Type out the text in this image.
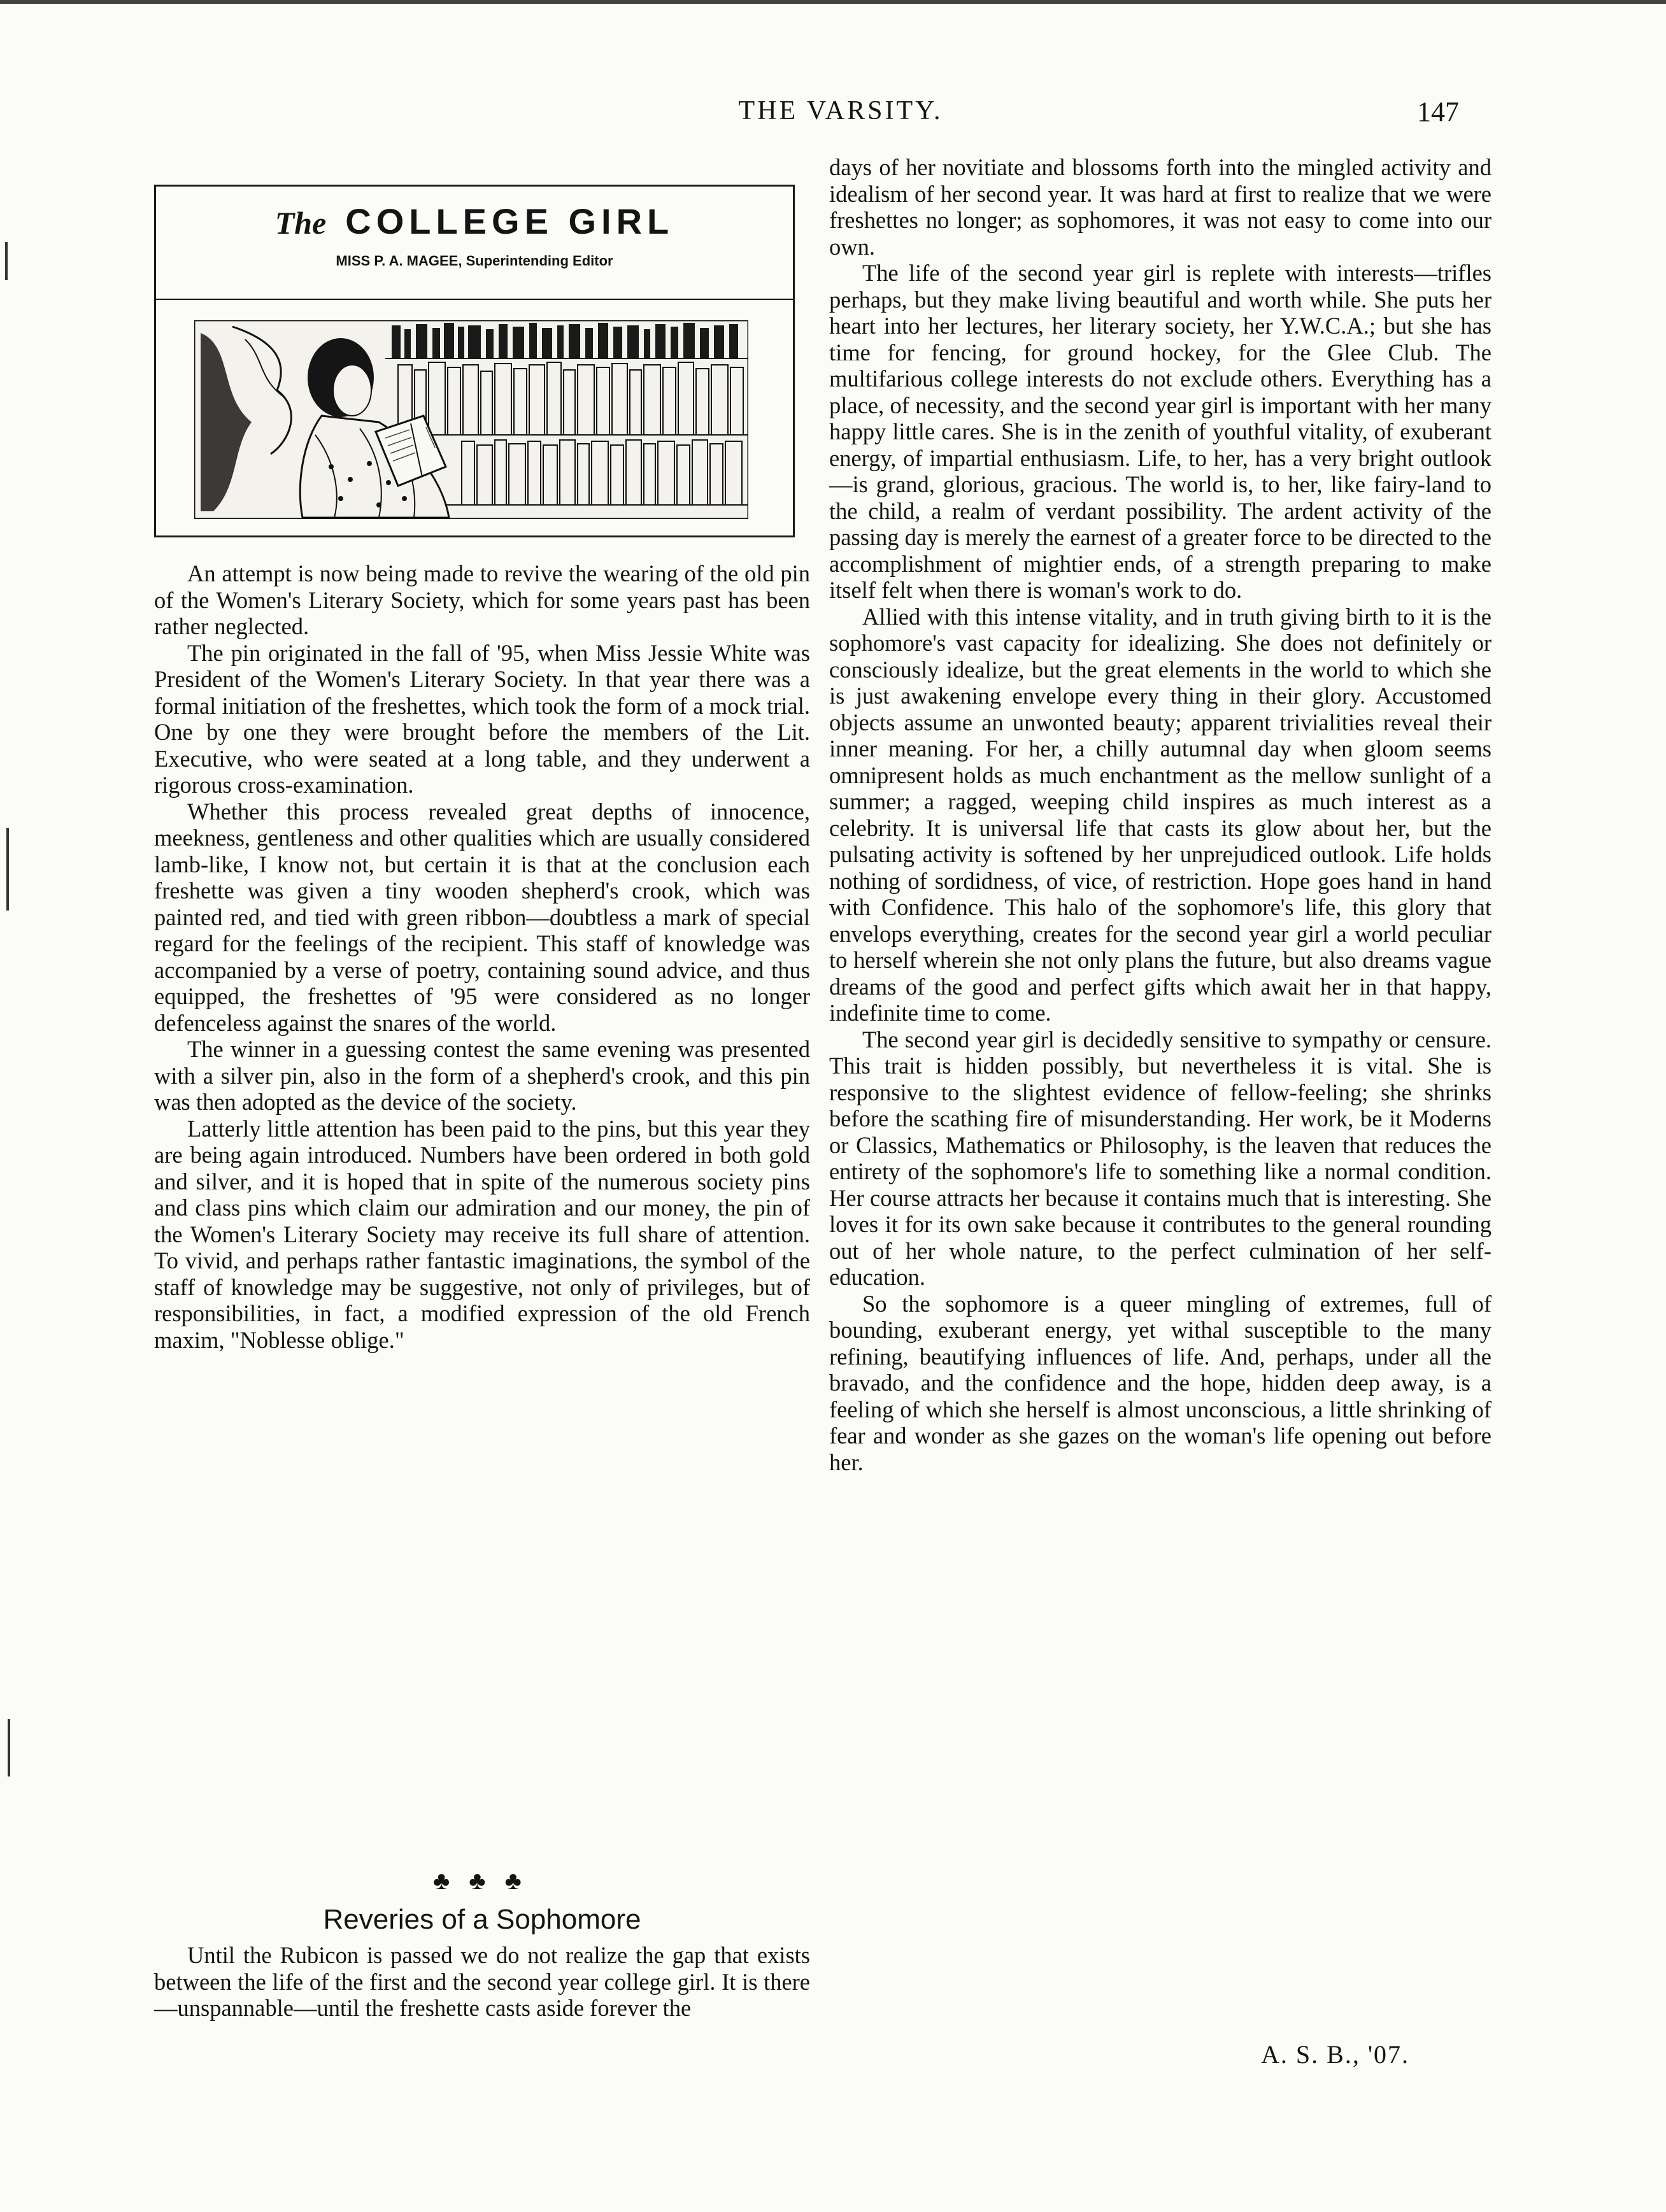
THE VARSITY.	147
The COLLEGE GIRL
MISS P. A. MAGEE, Superintending Editor

An attempt is now being made to revive the wearing of the old pin of the Women's Literary Society, which for some years past has been rather neglected.

The pin originated in the fall of '95, when Miss Jessie White was President of the Women's Literary Society. In that year there was a formal initiation of the freshettes, which took the form of a mock trial. One by one they were brought before the members of the Lit. Executive, who were seated at a long table, and they underwent a rigorous cross-examination.

Whether this process revealed great depths of innocence, meekness, gentleness and other qualities which are usually considered lamb-like, I know not, but certain it is that at the conclusion each freshette was given a tiny wooden shepherd's crook, which was painted red, and tied with green ribbon—doubtless a mark of special regard for the feelings of the recipient. This staff of knowledge was accompanied by a verse of poetry, containing sound advice, and thus equipped, the freshettes of '95 were considered as no longer defenceless against the snares of the world.

The winner in a guessing contest the same evening was presented with a silver pin, also in the form of a shepherd's crook, and this pin was then adopted as the device of the society.

Latterly little attention has been paid to the pins, but this year they are being again introduced. Numbers have been ordered in both gold and silver, and it is hoped that in spite of the numerous society pins and class pins which claim our admiration and our money, the pin of the Women's Literary Society may receive its full share of attention. To vivid, and perhaps rather fantastic imaginations, the symbol of the staff of knowledge may be suggestive, not only of privileges, but of responsibilities, in fact, a modified expression of the old French maxim, "Noblesse oblige."

♣♣♣
Reveries of a Sophomore

Until the Rubicon is passed we do not realize the gap that exists between the life of the first and the second year college girl. It is there—unspannable—until the freshette casts aside forever the

days of her novitiate and blossoms forth into the mingled activity and idealism of her second year. It was hard at first to realize that we were freshettes no longer; as sophomores, it was not easy to come into our own.

The life of the second year girl is replete with interests—trifles perhaps, but they make living beautiful and worth while. She puts her heart into her lectures, her literary society, her Y.W.C.A.; but she has time for fencing, for ground hockey, for the Glee Club. The multifarious college interests do not exclude others. Everything has a place, of necessity, and the second year girl is important with her many happy little cares. She is in the zenith of youthful vitality, of exuberant energy, of impartial enthusiasm. Life, to her, has a very bright outlook—is grand, glorious, gracious. The world is, to her, like fairy-land to the child, a realm of verdant possibility. The ardent activity of the passing day is merely the earnest of a greater force to be directed to the accomplishment of mightier ends, of a strength preparing to make itself felt when there is woman's work to do.

Allied with this intense vitality, and in truth giving birth to it is the sophomore's vast capacity for idealizing. She does not definitely or consciously idealize, but the great elements in the world to which she is just awakening envelope every thing in their glory. Accustomed objects assume an unwonted beauty; apparent trivialities reveal their inner meaning. For her, a chilly autumnal day when gloom seems omnipresent holds as much enchantment as the mellow sunlight of a summer; a ragged, weeping child inspires as much interest as a celebrity. It is universal life that casts its glow about her, but the pulsating activity is softened by her unprejudiced outlook. Life holds nothing of sordidness, of vice, of restriction. Hope goes hand in hand with Confidence. This halo of the sophomore's life, this glory that envelops everything, creates for the second year girl a world peculiar to herself wherein she not only plans the future, but also dreams vague dreams of the good and perfect gifts which await her in that happy, indefinite time to come.

The second year girl is decidedly sensitive to sympathy or censure. This trait is hidden possibly, but nevertheless it is vital. She is responsive to the slightest evidence of fellow-feeling; she shrinks before the scathing fire of misunderstanding. Her work, be it Moderns or Classics, Mathematics or Philosophy, is the leaven that reduces the entirety of the sophomore's life to something like a normal condition. Her course attracts her because it contains much that is interesting. She loves it for its own sake because it contributes to the general rounding out of her whole nature, to the perfect culmination of her self-education.

So the sophomore is a queer mingling of extremes, full of bounding, exuberant energy, yet withal susceptible to the many refining, beautifying influences of life. And, perhaps, under all the bravado, and the confidence and the hope, hidden deep away, is a feeling of which she herself is almost unconscious, a little shrinking of fear and wonder as she gazes on the woman's life opening out before her.

A. S. B., '07.
